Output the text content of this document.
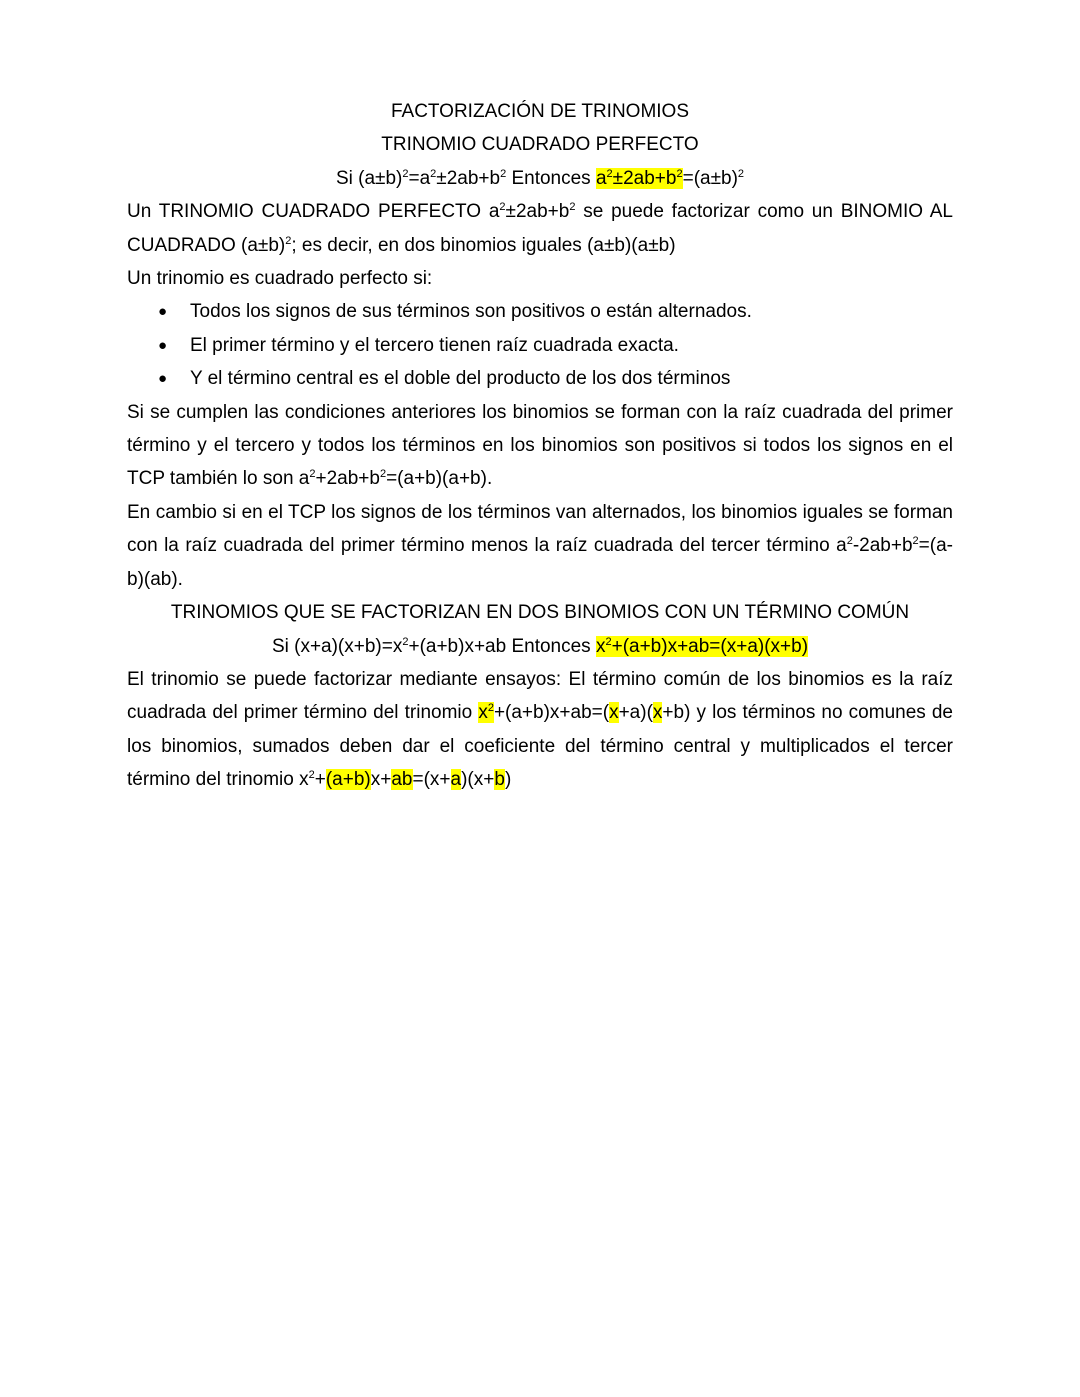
FACTORIZACIÓN DE TRINOMIOS
TRINOMIO CUADRADO PERFECTO
Si $(a\pm b)^2=a^2\pm 2ab+b^2$ Entonces $a^2\pm 2ab+b^2=(a\pm b)^2$
Un TRINOMIO CUADRADO PERFECTO $a^2\pm 2ab+b^2$ se puede factorizar como un BINOMIO AL CUADRADO $(a\pm b)^2$; es decir, en dos binomios iguales (a±b)(a±b)
Un trinomio es cuadrado perfecto si:
● Todos los signos de sus términos son positivos o están alternados.
● El primer término y el tercero tienen raíz cuadrada exacta.
● Y el término central es el doble del producto de los dos términos
Si se cumplen las condiciones anteriores los binomios se forman con la raíz cuadrada del primer término y el tercero y todos los términos en los binomios son positivos si todos los signos en el TCP también lo son $a^2+2ab+b^2=(a+b)(a+b)$.
En cambio si en el TCP los signos de los términos van alternados, los binomios iguales se forman con la raíz cuadrada del primer término menos la raíz cuadrada del tercer término $a^2-2ab+b^2=(a-b)(ab)$.
TRINOMIOS QUE SE FACTORIZAN EN DOS BINOMIOS CON UN TÉRMINO COMÚN
Si $(x+a)(x+b)=x^2+(a+b)x+ab$ Entonces $x^2+(a+b)x+ab=(x+a)(x+b)$
El trinomio se puede factorizar mediante ensayos: El término común de los binomios es la raíz cuadrada del primer término del trinomio $x^2+(a+b)x+ab=(x+a)(x+b)$ y los términos no comunes de los binomios, sumados deben dar el coeficiente del término central y multiplicados el tercer término del trinomio $x^2+(a+b)x+ab=(x+a)(x+b)$
